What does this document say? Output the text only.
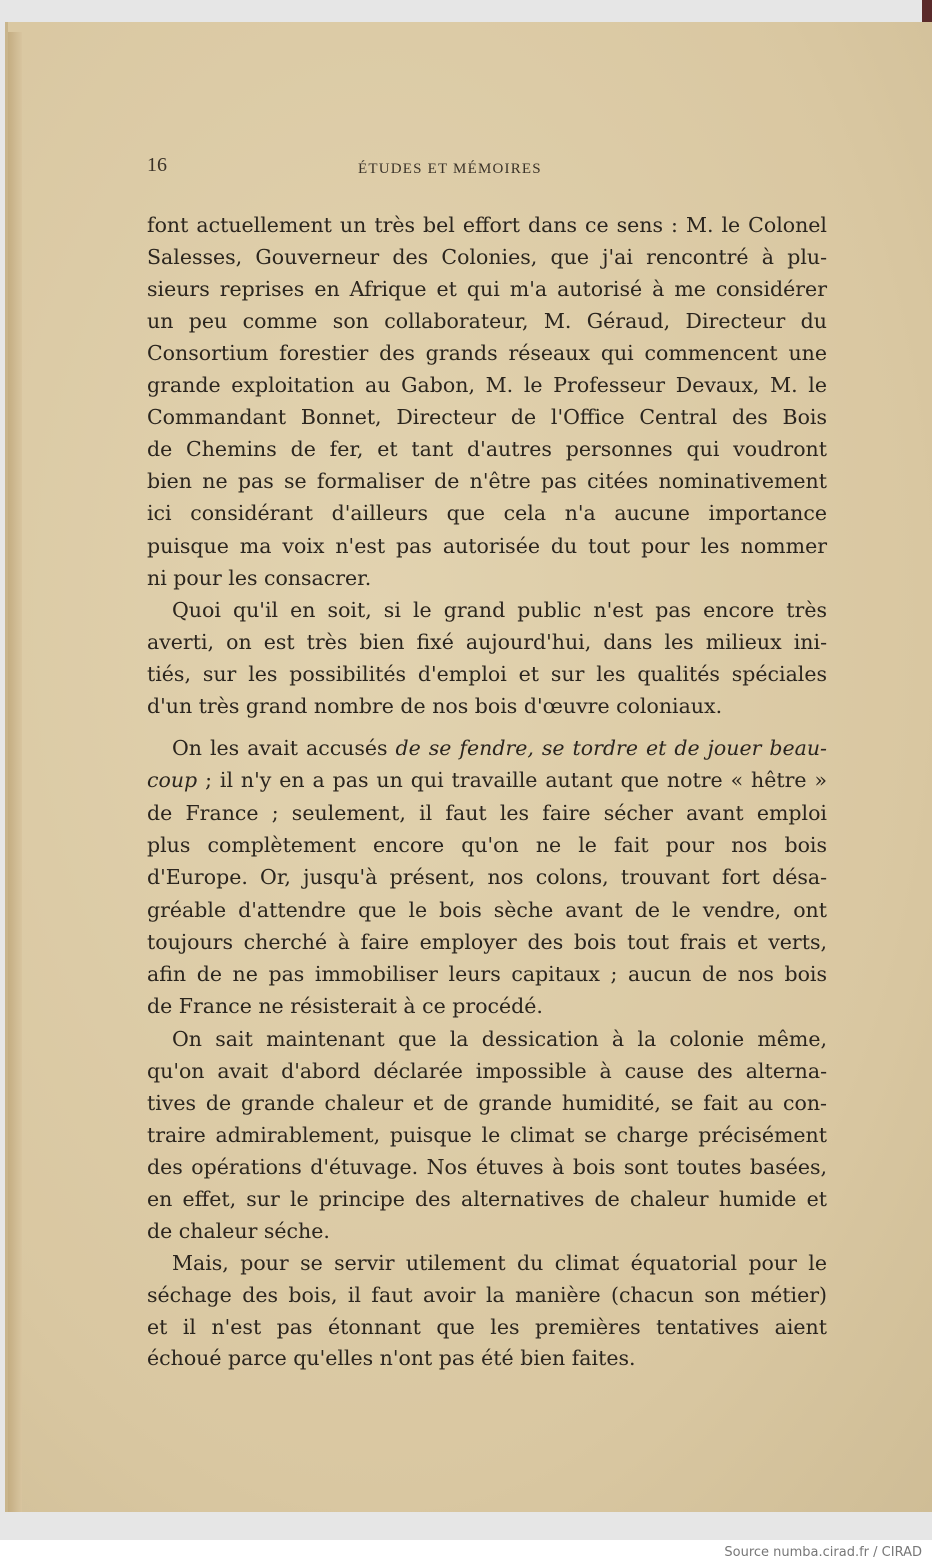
16	ÉTUDES ET MÉMOIRES
font actuellement un très bel effort dans ce sens : M. le Colonel
Salesses, Gouverneur des Colonies, que j'ai rencontré à plu-
sieurs reprises en Afrique et qui m'a autorisé à me considérer
un peu comme son collaborateur, M. Géraud, Directeur du
Consortium forestier des grands réseaux qui commencent une
grande exploitation au Gabon, M. le Professeur Devaux, M. le
Commandant Bonnet, Directeur de l'Office Central des Bois
de Chemins de fer, et tant d'autres personnes qui voudront
bien ne pas se formaliser de n'être pas citées nominativement
ici considérant d'ailleurs que cela n'a aucune importance
puisque ma voix n'est pas autorisée du tout pour les nommer
ni pour les consacrer.
Quoi qu'il en soit, si le grand public n'est pas encore très
averti, on est très bien fixé aujourd'hui, dans les milieux ini-
tiés, sur les possibilités d'emploi et sur les qualités spéciales
d'un très grand nombre de nos bois d'œuvre coloniaux.
On les avait accusés de se fendre, se tordre et de jouer beau-
coup ; il n'y en a pas un qui travaille autant que notre « hêtre »
de France ; seulement, il faut les faire sécher avant emploi
plus complètement encore qu'on ne le fait pour nos bois
d'Europe. Or, jusqu'à présent, nos colons, trouvant fort désa-
gréable d'attendre que le bois sèche avant de le vendre, ont
toujours cherché à faire employer des bois tout frais et verts,
afin de ne pas immobiliser leurs capitaux ; aucun de nos bois
de France ne résisterait à ce procédé.
On sait maintenant que la dessication à la colonie même,
qu'on avait d'abord déclarée impossible à cause des alterna-
tives de grande chaleur et de grande humidité, se fait au con-
traire admirablement, puisque le climat se charge précisément
des opérations d'étuvage. Nos étuves à bois sont toutes basées,
en effet, sur le principe des alternatives de chaleur humide et
de chaleur séche.
Mais, pour se servir utilement du climat équatorial pour le
séchage des bois, il faut avoir la manière (chacun son métier)
et il n'est pas étonnant que les premières tentatives aient
échoué parce qu'elles n'ont pas été bien faites.
Source numba.cirad.fr / CIRAD
